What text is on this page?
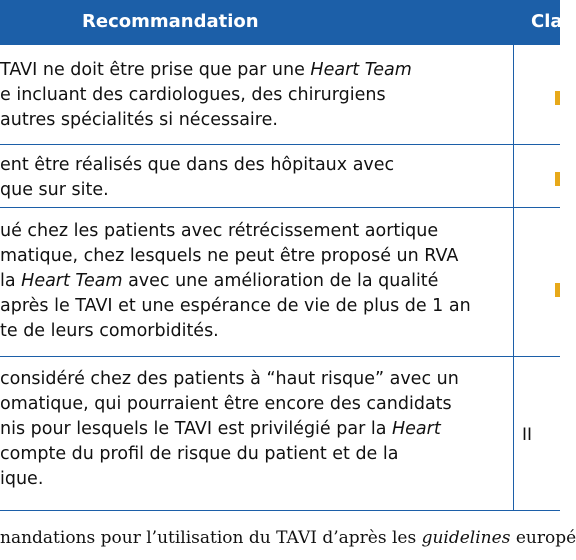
Recommandation	Cla
TAVI ne doit être prise que par une Heart Team
e incluant des cardiologues, des chirurgiens
autres spécialités si nécessaire.
ent être réalisés que dans des hôpitaux avec
que sur site.
ué chez les patients avec rétrécissement aortique
matique, chez lesquels ne peut être proposé un RVA
la Heart Team avec une amélioration de la qualité
après le TAVI et une espérance de vie de plus de 1 an
te de leurs comorbidités.
considéré chez des patients à “haut risque” avec un
omatique, qui pourraient être encore des candidats
nis pour lesquels le TAVI est privilégié par la Heart
compte du profil de risque du patient et de la
ique.
II
nandations pour l’utilisation du TAVI d’après les guidelines europé
